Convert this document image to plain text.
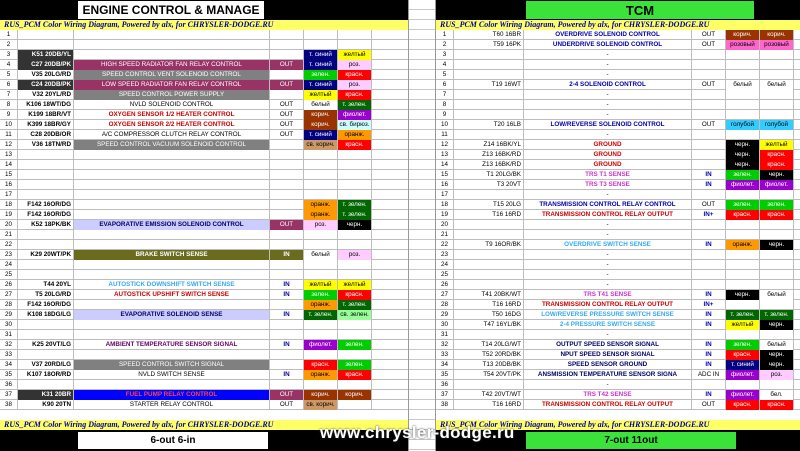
ENGINE CONTROL & MANAGE
RUS_PCM Color Wiring Diagram, Powered by alx, for CHRYSLER-DODGE.RU
1
2
3	K51 20DB/YL	т. синий	желтый
4	C27 20DB/PK	HIGH SPEED RADIATOR FAN RELAY CONTROL	OUT	т. синий	роз.
5	V35 20LG/RD	SPEED CONTROL VENT SOLENOID CONTROL	зелен.	красн.
6	C24 20DB/PK	LOW SPEED RADIATOR FAN RELAY CONTROL	OUT	т. синий	роз.
7	V32 20YL/RD	SPEED CONTROL POWER SUPPLY	желтый	красн.
8	K106 18WT/DG	NVLD SOLENOID CONTROL	OUT	белый	т. зелен.
9	K199 18BR/VT	OXYGEN SENSOR 1/2 HEATER CONTROL	OUT	корич.	фиолет.
10	K399 18BR/GY	OXYGEN SENSOR 2/2 HEATER CONTROL	OUT	корич.	св. бирюз.
11	C28 20DB/OR	A/C COMPRESSOR CLUTCH RELAY CONTROL	OUT	т. синий	оранж.
12	V36 18TN/RD	SPEED CONTROL VACUUM SOLENOID CONTROL	св. корич.	красн.
13
14
15
16
17
18	F142 16OR/DG	оранж.	т. зелен.
19	F142 16OR/DG	оранж.	т. зелен.
20	K52 18PK/BK	EVAPORATIVE EMISSION SOLENOID CONTROL	OUT	роз.	черн.
21
22
23	K29 20WT/PK	BRAKE SWITCH SENSE	IN	белый	роз.
24
25
26	T44 20YL	AUTOSTICK DOWNSHIFT SWITCH SENSE	IN	желтый	желтый
27	T5 20LG/RD	AUTOSTICK UPSHIFT SWITCH SENSE	IN	зелен.	красн.
28	F142 16OR/DG	оранж.	т. зелен.
29	K108 18DG/LG	EVAPORATIVE SOLENOID SENSE	IN	т. зелен.	св. зелен.
30
31
32	K25 20VT/LG	AMBIENT TEMPERATURE SENSOR SIGNAL	IN	фиолет.	зелен.
33
34	V37 20RD/LG	SPEED CONTROL SWITCH SIGNAL	красн.	зелен.
35	K107 18OR/RD	NVLD SWITCH SENSE	IN	оранж.	красн.
36
37	K31 20BR	FUEL PUMP RELAY CONTROL	OUT	корич.	корич.
38	K90 20TN	STARTER RELAY CONTROL	OUT	св. корич.
RUS_PCM Color Wiring Diagram, Powered by alx, for CHRYSLER-DODGE.RU
6-out 6-in
TCM
RUS_PCM Color Wiring Diagram, Powered by alx, for CHRYSLER-DODGE.RU
1	T60 16BR	OVERDRIVE SOLENOID CONTROL	OUT	корич.	корич.
2	T59 16PK	UNDERDRIVE SOLENOID CONTROL	OUT	розовый	розовый
3	-
4	-
5	-
6	T19 16WT	2-4 SOLENOID CONTROL	OUT	белый	белый
7	-
8	-
9	-
10	T20 16LB	LOW/REVERSE SOLENOID CONTROL	OUT	голубой	голубой
11	-
12	Z14 16BK/YL	GROUND	черн.	желтый
13	Z13 16BK/RD	GROUND	черн.	красн.
14	Z13 16BK/RD	GROUND	черн.	красн.
15	T1 20LG/BK	TRS T1 SENSE	IN	зелен.	черн.
16	T3 20VT	TRS T3 SENSE	IN	фиолет.	фиолет.
17	-
18	T15 20LG	TRANSMISSION CONTROL RELAY CONTROL	OUT	зелен.	зелен.
19	T16 16RD	TRANSMISSION CONTROL RELAY OUTPUT	IN+	красн.	красн.
20	-
21	-
22	T9 16OR/BK	OVERDRIVE SWITCH SENSE	IN	оранж.	черн.
23	-
24	-
25	-
26	-
27	T41 20BK/WT	TRS T41 SENSE	IN	черн.	белый
28	T16 16RD	TRANSMISSION CONTROL RELAY OUTPUT	IN+
29	T50 16DG	LOW/REVERSE PRESSURE SWITCH SENSE	IN	т. зелен.	т. зелен.
30	T47 16YL/BK	2-4 PRESSURE SWITCH SENSE	IN	желтый	черн.
31	-
32	T14 20LG/WT	OUTPUT SPEED SENSOR SIGNAL	IN	зелен.	белый
33	T52 20RD/BK	NPUT SPEED SENSOR SIGNAL	IN	красн.	черн.
34	T13 20DB/BK	SPEED SENSOR GROUND	IN	т. синий	черн.
35	T54 20VT/PK	ANSMISSION TEMPERATURE SENSOR SIGNA	ADC IN	фиолет.	роз.
36	-
37	T42 20VT/WT	TRS T42 SENSE	IN	фиолет.	бел.
38	T16 16RD	TRANSMISSION CONTROL RELAY OUTPUT	OUT	красн.	красн.
RUS_PCM Color Wiring Diagram, Powered by alx, for CHRYSLER-DODGE.RU
7-out 11out
www.chrysler-dodge.ru
